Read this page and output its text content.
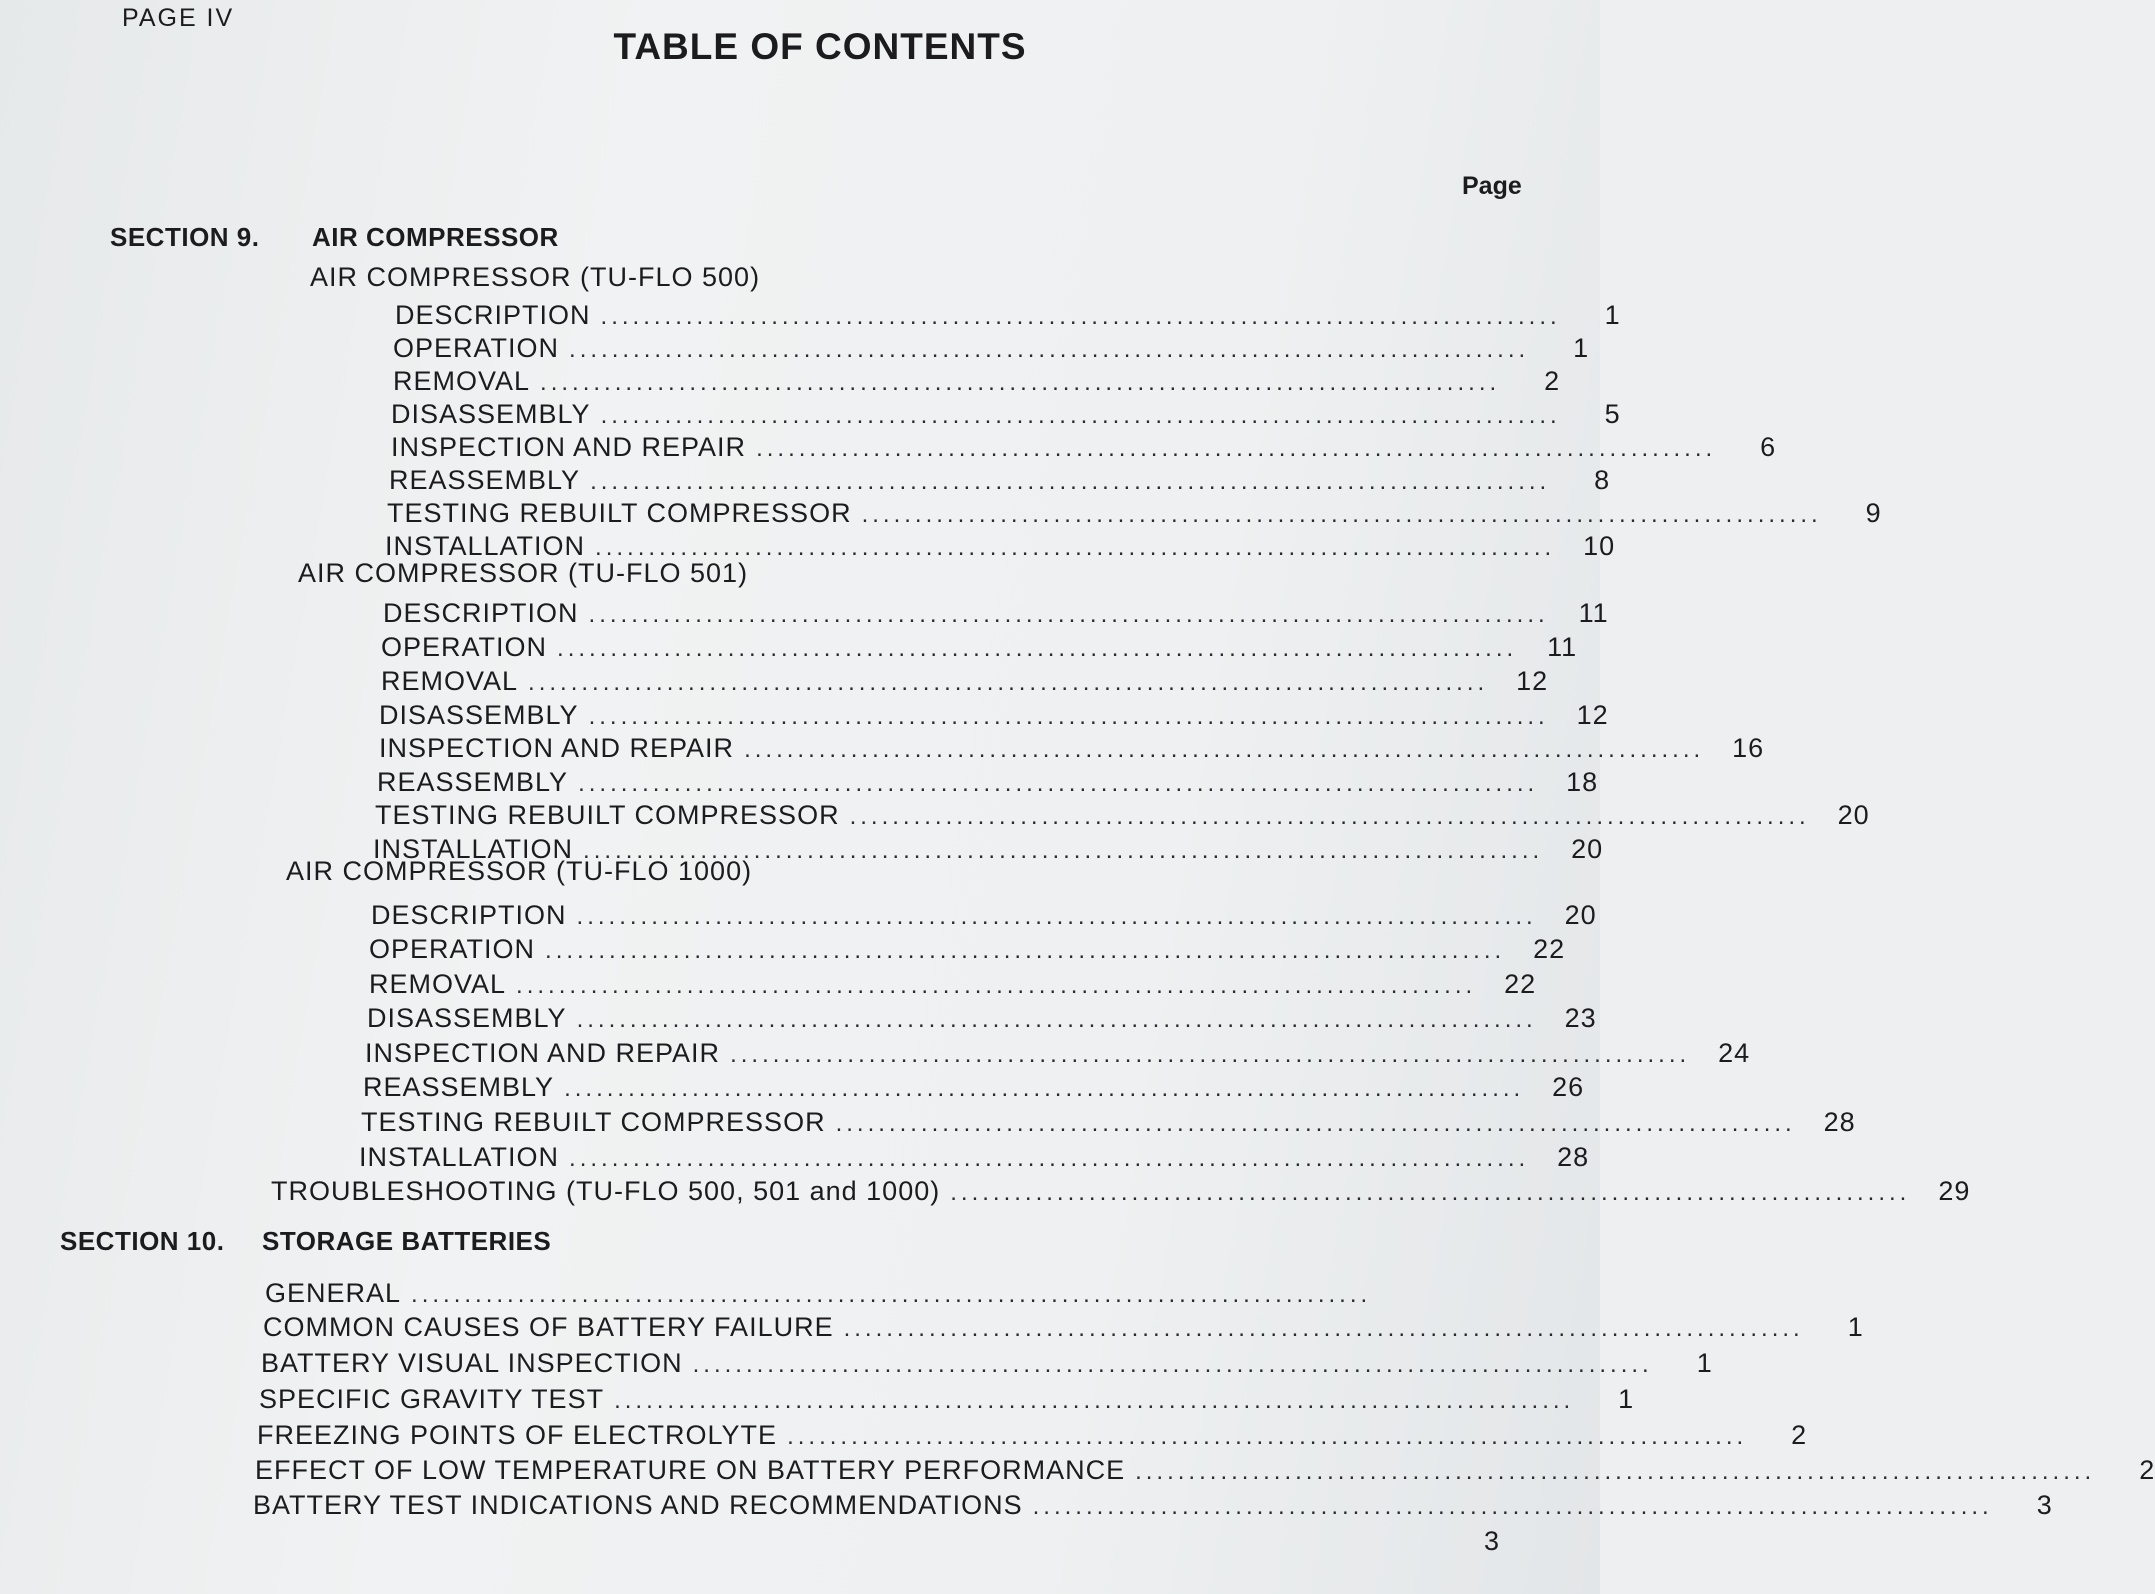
PAGE IV
TABLE OF CONTENTS
Page
SECTION 9. AIR COMPRESSOR
AIR COMPRESSOR (TU-FLO 500)
DESCRIPTION ..........................................................................................	1
OPERATION ..........................................................................................	1
REMOVAL ..........................................................................................	2
DISASSEMBLY ..........................................................................................	5
INSPECTION AND REPAIR ..........................................................................................	6
REASSEMBLY ..........................................................................................	8
TESTING REBUILT COMPRESSOR ..........................................................................................	9
INSTALLATION ..........................................................................................	10
AIR COMPRESSOR (TU-FLO 501)
DESCRIPTION ..........................................................................................	11
OPERATION ..........................................................................................	11
REMOVAL ..........................................................................................	12
DISASSEMBLY ..........................................................................................	12
INSPECTION AND REPAIR ..........................................................................................	16
REASSEMBLY ..........................................................................................	18
TESTING REBUILT COMPRESSOR ..........................................................................................	20
INSTALLATION ..........................................................................................	20
AIR COMPRESSOR (TU-FLO 1000)
DESCRIPTION ..........................................................................................	20
OPERATION ..........................................................................................	22
REMOVAL ..........................................................................................	22
DISASSEMBLY ..........................................................................................	23
INSPECTION AND REPAIR ..........................................................................................	24
REASSEMBLY ..........................................................................................	26
TESTING REBUILT COMPRESSOR ..........................................................................................	28
INSTALLATION ..........................................................................................	28
TROUBLESHOOTING (TU-FLO 500, 501 and 1000) ..........................................................................................	29
SECTION 10. STORAGE BATTERIES
GENERAL ..........................................................................................
COMMON CAUSES OF BATTERY FAILURE ..........................................................................................	1
BATTERY VISUAL INSPECTION ..........................................................................................	1
SPECIFIC GRAVITY TEST ..........................................................................................	1
FREEZING POINTS OF ELECTROLYTE ..........................................................................................	2
EFFECT OF LOW TEMPERATURE ON BATTERY PERFORMANCE ..........................................................................................	2
BATTERY TEST INDICATIONS AND RECOMMENDATIONS ..........................................................................................	3
3
